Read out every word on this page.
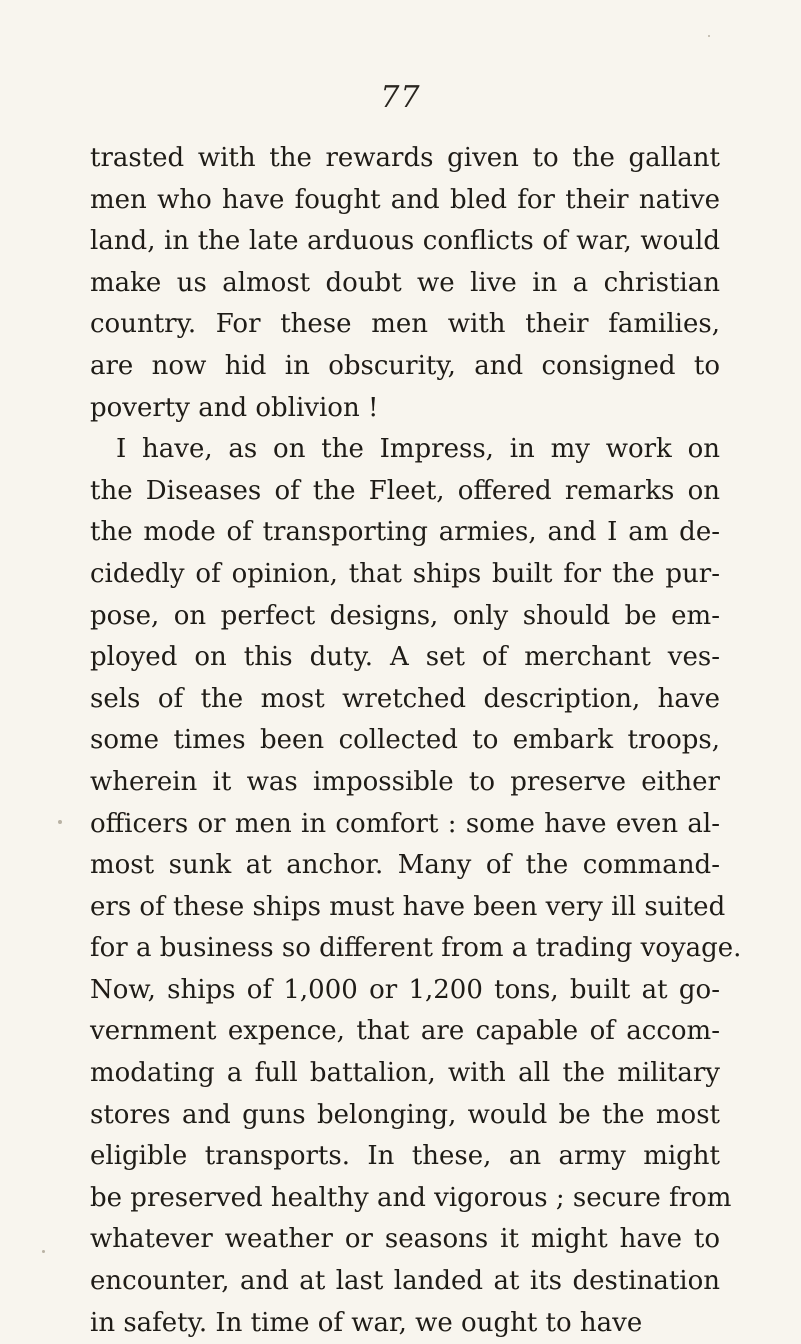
77
trasted with the rewards given to the gallant
men who have fought and bled for their native
land, in the late arduous conflicts of war, would
make us almost doubt we live in a christian
country. For these men with their families,
are now hid in obscurity, and consigned to
poverty and oblivion !
I have, as on the Impress, in my work on
the Diseases of the Fleet, offered remarks on
the mode of transporting armies, and I am de-
cidedly of opinion, that ships built for the pur-
pose, on perfect designs, only should be em-
ployed on this duty. A set of merchant ves-
sels of the most wretched description, have
some times been collected to embark troops,
wherein it was impossible to preserve either
officers or men in comfort : some have even al-
most sunk at anchor. Many of the command-
ers of these ships must have been very ill suited
for a business so different from a trading voyage.
Now, ships of 1,000 or 1,200 tons, built at go-
vernment expence, that are capable of accom-
modating a full battalion, with all the military
stores and guns belonging, would be the most
eligible transports. In these, an army might
be preserved healthy and vigorous ; secure from
whatever weather or seasons it might have to
encounter, and at last landed at its destination
in safety. In time of war, we ought to have
